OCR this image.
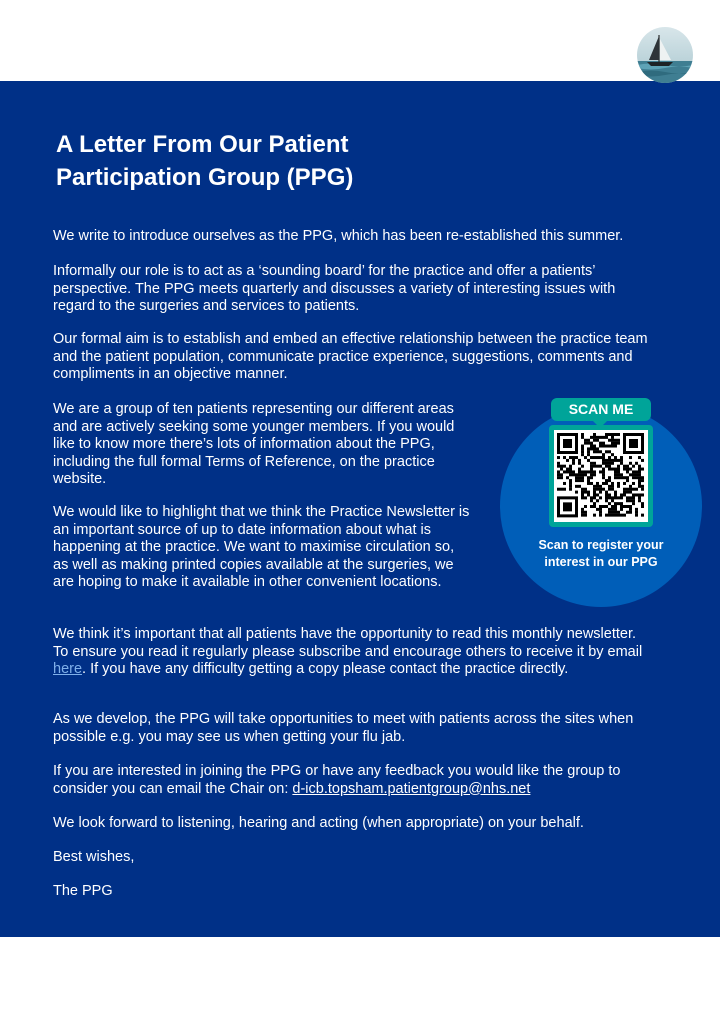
A Letter From Our Patient Participation Group (PPG)

We write to introduce ourselves as the PPG, which has been re-established this summer.

Informally our role is to act as a ‘sounding board’ for the practice and offer a patients’ perspective. The PPG meets quarterly and discusses a variety of interesting issues with regard to the surgeries and services to patients.

Our formal aim is to establish and embed an effective relationship between the practice team and the patient population, communicate practice experience, suggestions, comments and compliments in an objective manner.

We are a group of ten patients representing our different areas and are actively seeking some younger members. If you would like to know more there’s lots of information about the PPG, including the full formal Terms of Reference, on the practice website.

We would like to highlight that we think the Practice Newsletter is an important source of up to date information about what is happening at the practice. We want to maximise circulation so, as well as making printed copies available at the surgeries, we are hoping to make it available in other convenient locations.

We think it’s important that all patients have the opportunity to read this monthly newsletter. To ensure you read it regularly please subscribe and encourage others to receive it by email here. If you have any difficulty getting a copy please contact the practice directly.

As we develop, the PPG will take opportunities to meet with patients across the sites when possible e.g. you may see us when getting your flu jab.

If you are interested in joining the PPG or have any feedback you would like the group to consider you can email the Chair on: d-icb.topsham.patientgroup@nhs.net

We look forward to listening, hearing and acting (when appropriate) on your behalf.

Best wishes,

The PPG

SCAN ME

Scan to register your interest in our PPG
